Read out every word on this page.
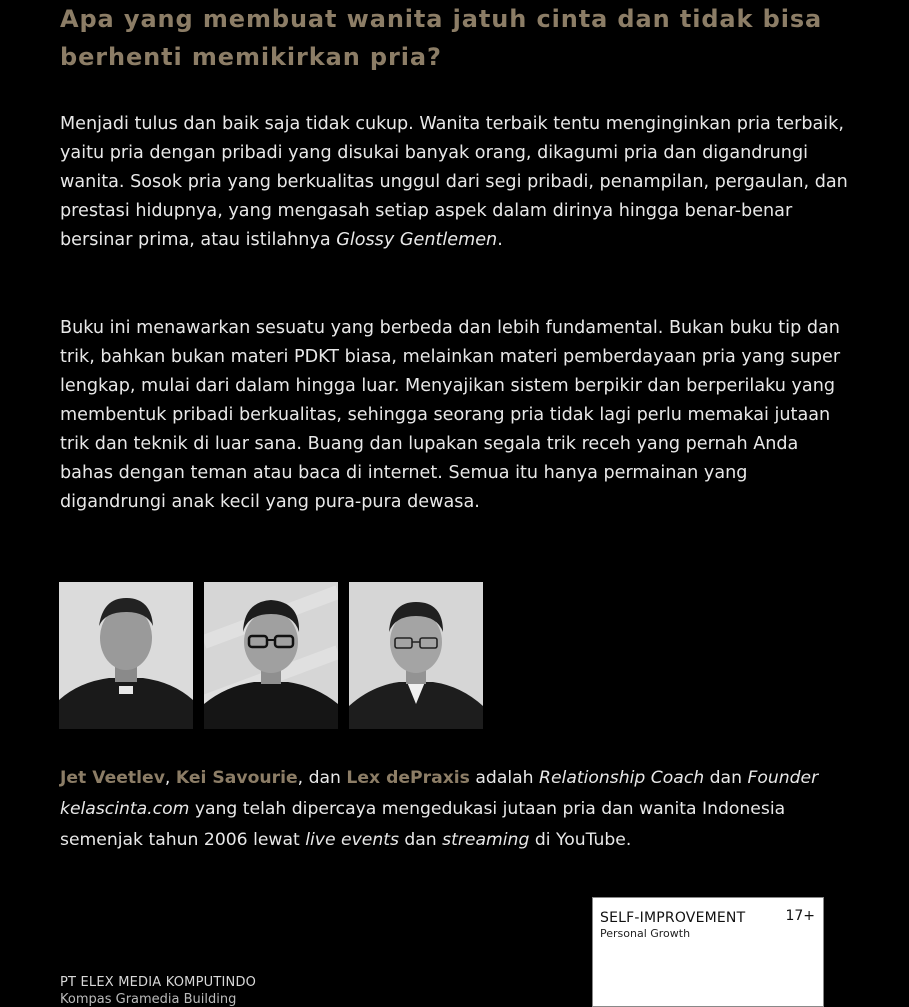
Apa yang membuat wanita jatuh cinta dan tidak bisa berhenti memikirkan pria?

Menjadi tulus dan baik saja tidak cukup. Wanita terbaik tentu menginginkan pria terbaik, yaitu pria dengan pribadi yang disukai banyak orang, dikagumi pria dan digandrungi wanita. Sosok pria yang berkualitas unggul dari segi pribadi, penampilan, pergaulan, dan prestasi hidupnya, yang mengasah setiap aspek dalam dirinya hingga benar-benar bersinar prima, atau istilahnya Glossy Gentlemen.

Buku ini menawarkan sesuatu yang berbeda dan lebih fundamental. Bukan buku tip dan trik, bahkan bukan materi PDKT biasa, melainkan materi pemberdayaan pria yang super lengkap, mulai dari dalam hingga luar. Menyajikan sistem berpikir dan berperilaku yang membentuk pribadi berkualitas, sehingga seorang pria tidak lagi perlu memakai jutaan trik dan teknik di luar sana. Buang dan lupakan segala trik receh yang pernah Anda bahas dengan teman atau baca di internet. Semua itu hanya permainan yang digandrungi anak kecil yang pura-pura dewasa.

Jet Veetlev, Kei Savourie, dan Lex dePraxis adalah Relationship Coach dan Founder kelascinta.com yang telah dipercaya mengedukasi jutaan pria dan wanita Indonesia semenjak tahun 2006 lewat live events dan streaming di YouTube.

SELF-IMPROVEMENT
Personal Growth
17+
PT ELEX MEDIA KOMPUTINDO
Kompas Gramedia Building
